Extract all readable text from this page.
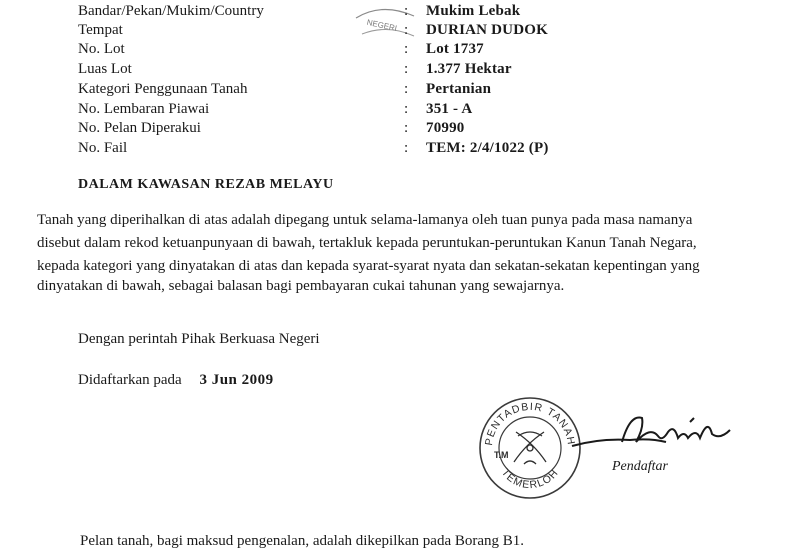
NEGERI
Bandar/Pekan/Mukim/Country	: Mukim Lebak
Tempat	: DURIAN DUDOK
No. Lot	: Lot 1737
Luas Lot	: 1.377 Hektar
Kategori Penggunaan Tanah	: Pertanian
No. Lembaran Piawai	: 351 - A
No. Pelan Diperakui	: 70990
No. Fail	: TEM: 2/4/1022 (P)
DALAM KAWASAN REZAB MELAYU
Tanah yang diperihalkan di atas adalah dipegang untuk selama-lamanya oleh tuan punya pada masa namanya
disebut dalam rekod ketuanpunyaan di bawah, tertakluk kepada peruntukan-peruntukan Kanun Tanah Negara,
kepada kategori yang dinyatakan di atas dan kepada syarat-syarat nyata dan sekatan-sekatan kepentingan yang
dinyatakan di bawah, sebagai balasan bagi pembayaran cukai tahunan yang sewajarnya.
Dengan perintah Pihak Berkuasa Negeri
Didaftarkan pada 3 Jun 2009
PENTADBIR TANAH
TEMERLOH
T.M
Pendaftar
Pelan tanah, bagi maksud pengenalan, adalah dikepilkan pada Borang B1.
